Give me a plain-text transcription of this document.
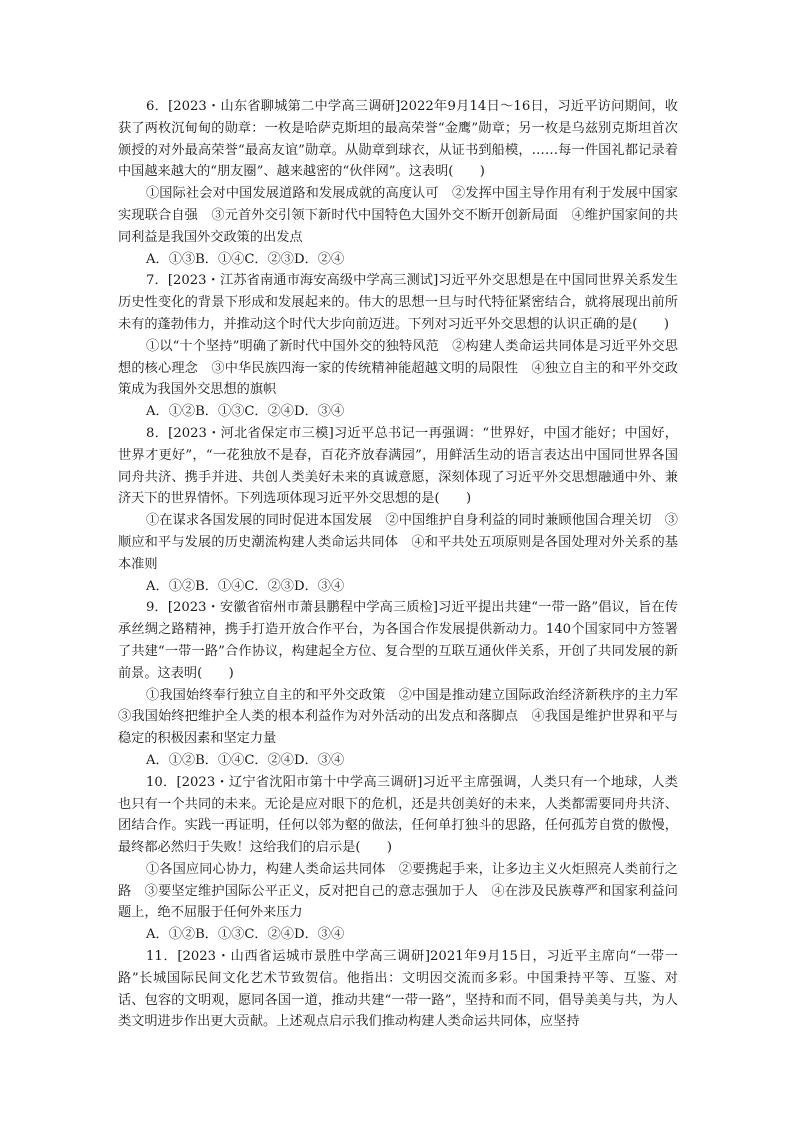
6．[2023・山东省聊城第二中学高三调研]2022年9月14日～16日，习近平访问期间，收获了两枚沉甸甸的勋章：一枚是哈萨克斯坦的最高荣誉“金鹰”勋章；另一枚是乌兹别克斯坦首次颁授的对外最高荣誉“最高友谊”勋章。从勋章到球衣，从证书到船模，……每一件国礼都记录着中国越来越大的“朋友圈”、越来越密的“伙伴网”。这表明(　　)

①国际社会对中国发展道路和发展成就的高度认可　②发挥中国主导作用有利于发展中国家实现联合自强　③元首外交引领下新时代中国特色大国外交不断开创新局面　④维护国家间的共同利益是我国外交政策的出发点

A．①③B．①④C．②③D．②④

7．[2023・江苏省南通市海安高级中学高三测试]习近平外交思想是在中国同世界关系发生历史性变化的背景下形成和发展起来的。伟大的思想一旦与时代特征紧密结合，就将展现出前所未有的蓬勃伟力，并推动这个时代大步向前迈进。下列对习近平外交思想的认识正确的是(　　)

①以“十个坚持”明确了新时代中国外交的独特风范　②构建人类命运共同体是习近平外交思想的核心理念　③中华民族四海一家的传统精神能超越文明的局限性　④独立自主的和平外交政策成为我国外交思想的旗帜

A．①②B．①③C．②④D．③④

8．[2023・河北省保定市三模]习近平总书记一再强调：“世界好，中国才能好；中国好，世界才更好”，“一花独放不是春，百花齐放春满园”，用鲜活生动的语言表达出中国同世界各国同舟共济、携手并进、共创人类美好未来的真诚意愿，深刻体现了习近平外交思想融通中外、兼济天下的世界情怀。下列选项体现习近平外交思想的是(　　)

①在谋求各国发展的同时促进本国发展　②中国维护自身利益的同时兼顾他国合理关切　③顺应和平与发展的历史潮流构建人类命运共同体　④和平共处五项原则是各国处理对外关系的基本准则

A．①②B．①④C．②③D．③④

9．[2023・安徽省宿州市萧县鹏程中学高三质检]习近平提出共建“一带一路”倡议，旨在传承丝绸之路精神，携手打造开放合作平台，为各国合作发展提供新动力。140个国家同中方签署了共建“一带一路”合作协议，构建起全方位、复合型的互联互通伙伴关系，开创了共同发展的新前景。这表明(　　)

①我国始终奉行独立自主的和平外交政策　②中国是推动建立国际政治经济新秩序的主力军　③我国始终把维护全人类的根本利益作为对外活动的出发点和落脚点　④我国是维护世界和平与稳定的积极因素和坚定力量

A．①②B．①④C．②④D．③④

10．[2023・辽宁省沈阳市第十中学高三调研]习近平主席强调，人类只有一个地球，人类也只有一个共同的未来。无论是应对眼下的危机，还是共创美好的未来，人类都需要同舟共济、团结合作。实践一再证明，任何以邻为壑的做法，任何单打独斗的思路，任何孤芳自赏的傲慢，最终都必然归于失败！这给我们的启示是(　　)

①各国应同心协力，构建人类命运共同体　②要携起手来，让多边主义火炬照亮人类前行之路　③要坚定维护国际公平正义，反对把自己的意志强加于人　④在涉及民族尊严和国家利益问题上，绝不屈服于任何外来压力

A．①②B．①③C．②④D．③④

11．[2023・山西省运城市景胜中学高三调研]2021年9月15日，习近平主席向“一带一路”长城国际民间文化艺术节致贺信。他指出：文明因交流而多彩。中国秉持平等、互鉴、对话、包容的文明观，愿同各国一道，推动共建“一带一路”，坚持和而不同，倡导美美与共，为人类文明进步作出更大贡献。上述观点启示我们推动构建人类命运共同体，应坚持
